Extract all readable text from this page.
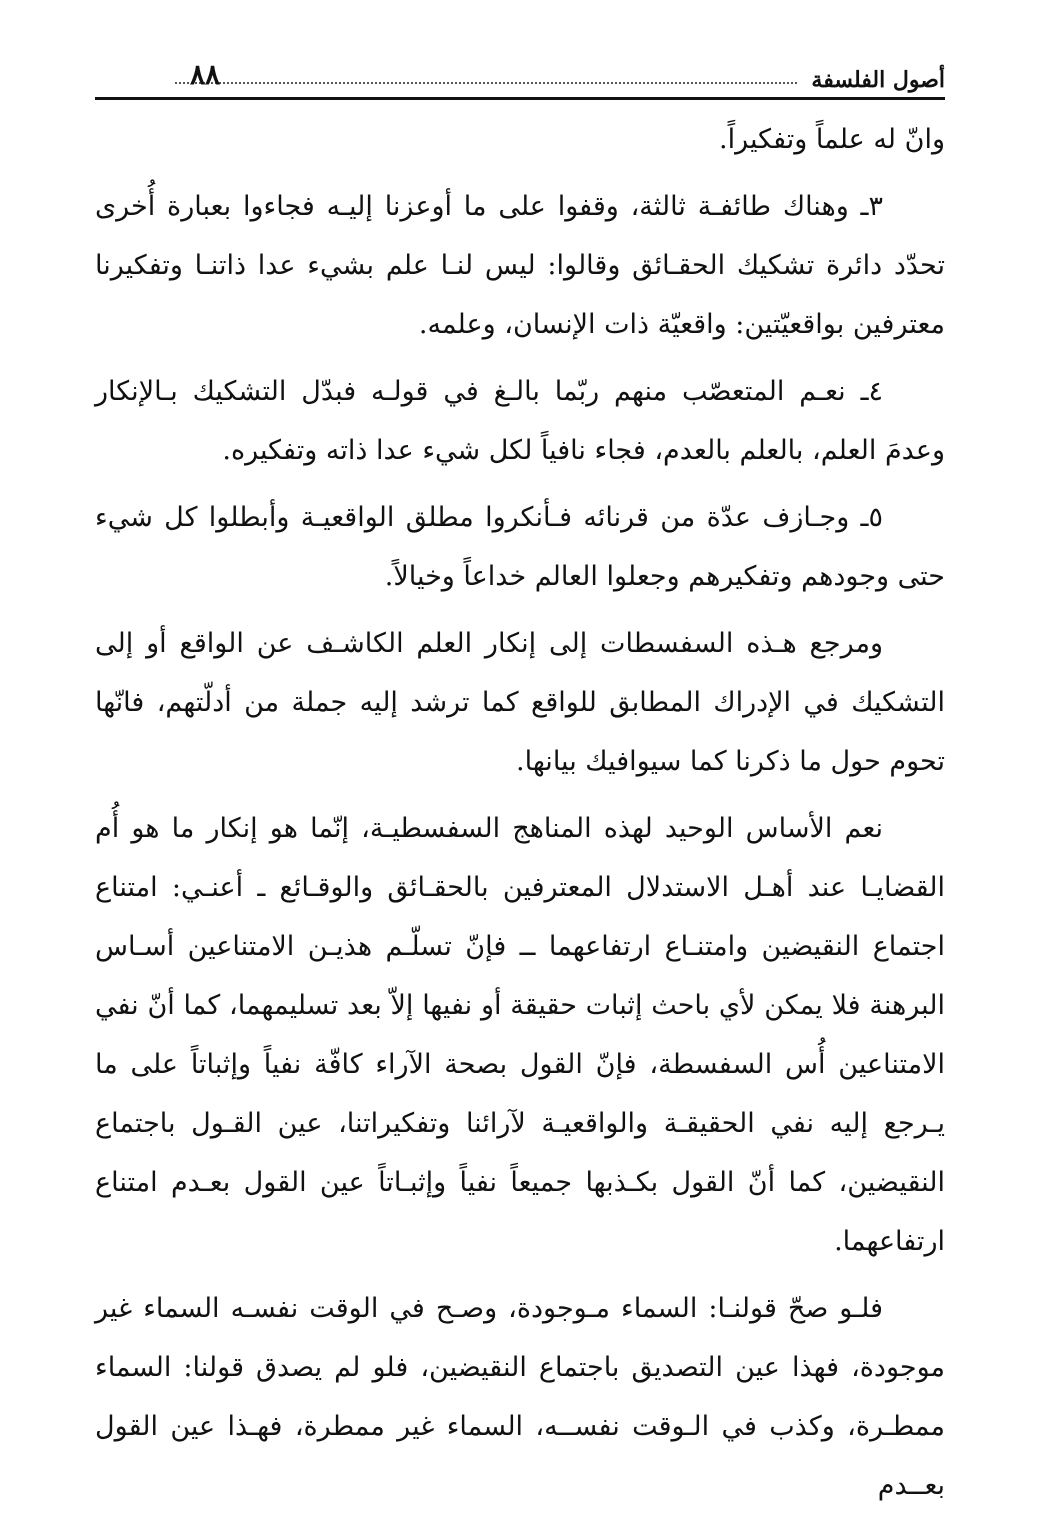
أصول الفلسفة
٨٨

وانّ له علماً وتفكيراً.

٣ـ وهناك طائفـة ثالثة، وقفوا على ما أوعزنا إليـه فجاءوا بعبارة أُخرى تحدّد دائرة تشكيك الحقـائق وقالوا: ليس لنـا علم بشيء عدا ذاتنـا وتفكيرنا معترفين بواقعيّتين: واقعيّة ذات الإنسان، وعلمه.

٤ـ نعـم المتعصّب منهم ربّما بالـغ في قولـه فبدّل التشكيك بـالإنكار وعدمَ العلم، بالعلم بالعدم، فجاء نافياً لكل شيء عدا ذاته وتفكيره.

٥ـ وجـازف عدّة من قرنائه فـأنكروا مطلق الواقعيـة وأبطلوا كل شيء حتى وجودهم وتفكيرهم وجعلوا العالم خداعاً وخيالاً.

ومرجع هـذه السفسطات إلى إنكار العلم الكاشـف عن الواقع أو إلى التشكيك في الإدراك المطابق للواقع كما ترشد إليه جملة من أدلّتهم، فانّها تحوم حول ما ذكرنا كما سيوافيك بيانها.

نعم الأساس الوحيد لهذه المناهج السفسطيـة، إنّما هو إنكار ما هو أُم القضايـا عند أهـل الاستدلال المعترفين بالحقـائق والوقـائع ـ أعنـي: امتناع اجتماع النقيضين وامتنـاع ارتفاعهما ــ فإنّ تسلّـم هذيـن الامتناعين أسـاس البرهنة فلا يمكن لأي باحث إثبات حقيقة أو نفيها إلاّ بعد تسليمهما، كما أنّ نفي الامتناعين أُس السفسطة، فإنّ القول بصحة الآراء كافّة نفياً وإثباتاً على ما يـرجع إليه نفي الحقيقـة والواقعيـة لآرائنا وتفكيراتنا، عين القـول باجتماع النقيضين، كما أنّ القول بكـذبها جميعاً نفياً وإثبـاتاً عين القول بعـدم امتناع ارتفاعهما.

فلـو صحّ قولنـا: السماء مـوجودة، وصـح في الوقت نفسـه السماء غير موجودة، فهذا عين التصديق باجتماع النقيضين، فلو لم يصدق قولنا: السماء ممطـرة، وكذب في الـوقت نفســه، السماء غير ممطرة، فهـذا عين القول بعــدم
